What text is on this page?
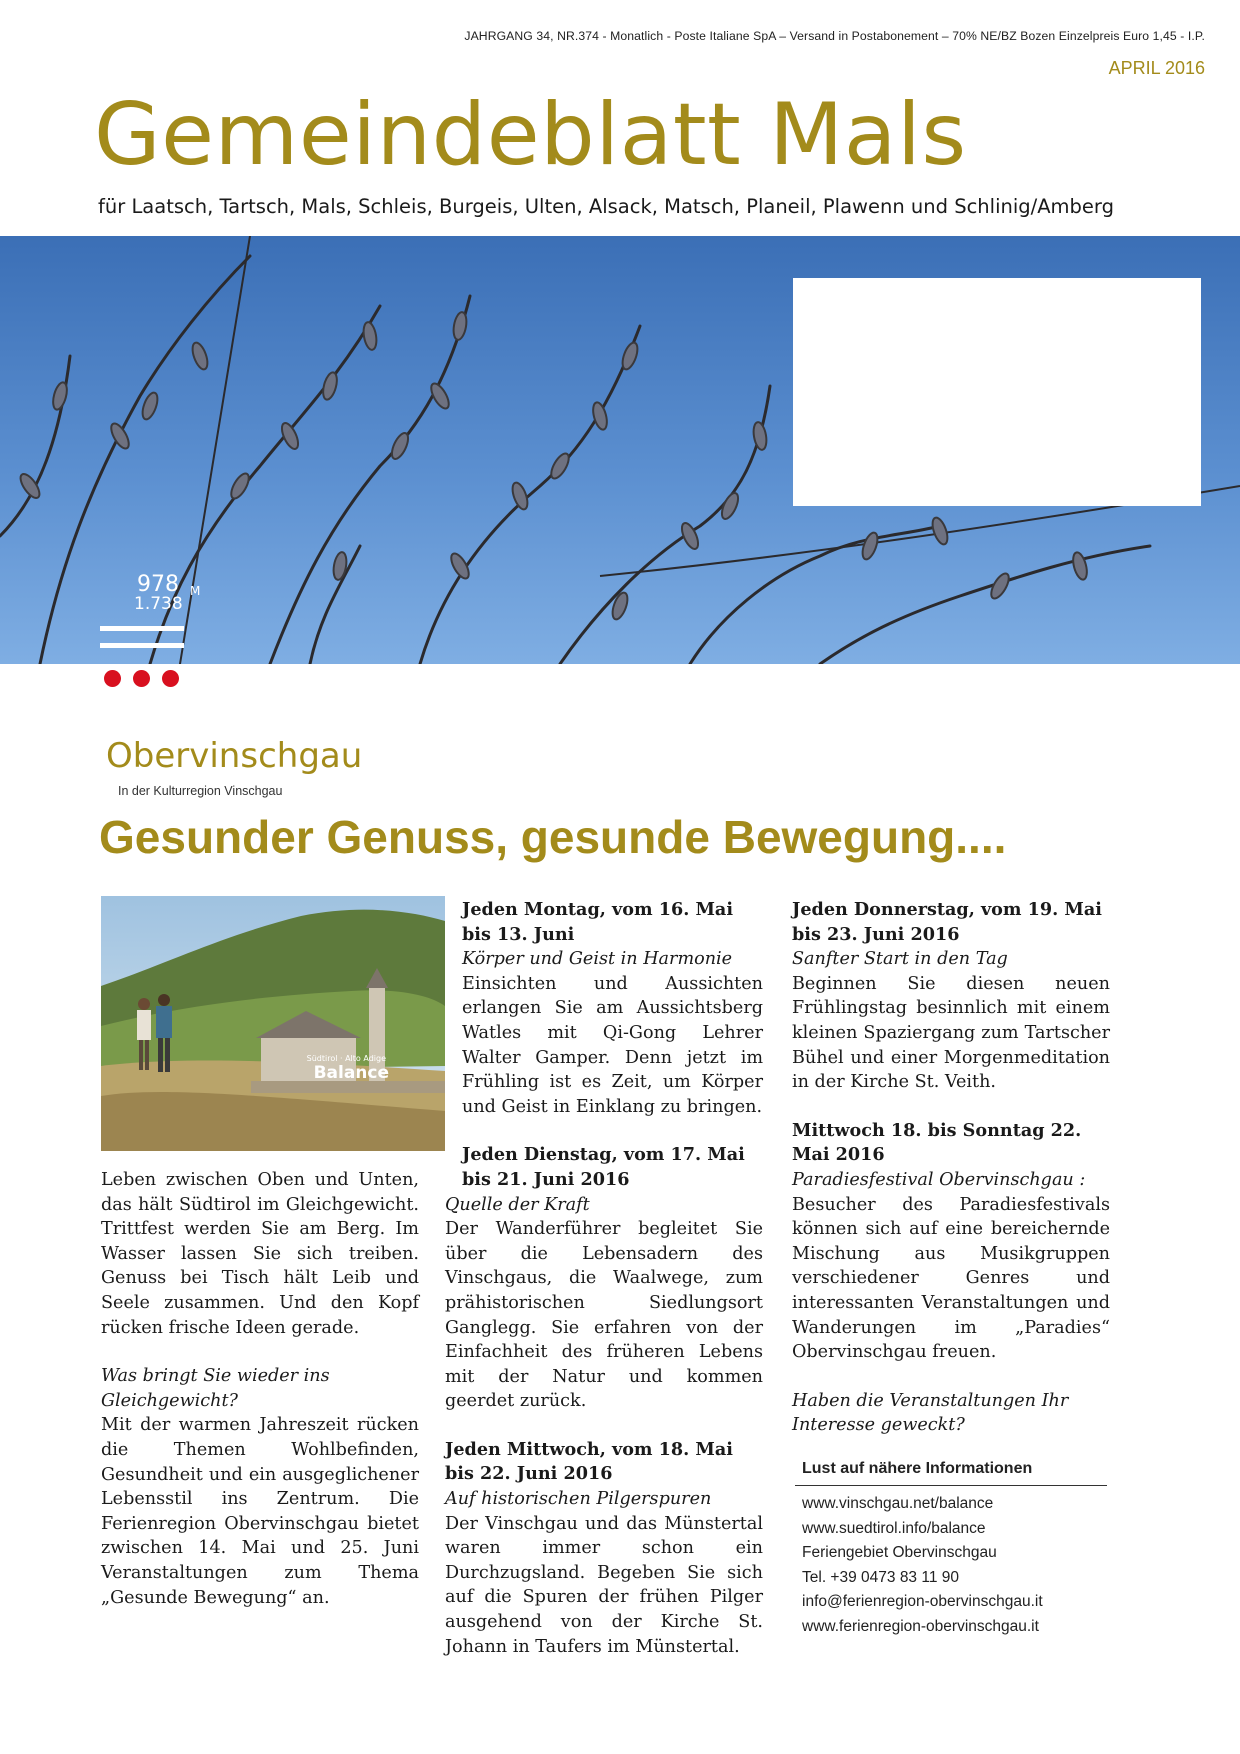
JAHRGANG 34, NR.374 - Monatlich - Poste Italiane SpA – Versand in Postabonement – 70% NE/BZ Bozen Einzelpreis Euro 1,45 - I.P.
APRIL 2016
Gemeindeblatt Mals
für Laatsch, Tartsch, Mals, Schleis, Burgeis, Ulten, Alsack, Matsch, Planeil, Plawenn und Schlinig/Amberg
978
1.738
M
Obervinschgau
In der Kulturregion Vinschgau
Gesunder Genuss, gesunde Bewegung....
Südtirol · Alto Adige
Balance

Leben zwischen Oben und Unten, das hält Südtirol im Gleichgewicht. Trittfest werden Sie am Berg. Im Wasser lassen Sie sich treiben. Genuss bei Tisch hält Leib und Seele zusammen. Und den Kopf rücken frische Ideen gerade.

Was bringt Sie wieder ins Gleichgewicht?

Mit der warmen Jahreszeit rücken die Themen Wohlbefinden, Gesundheit und ein ausgeglichener Lebensstil ins Zentrum. Die Ferienregion Obervinschgau bietet zwischen 14. Mai und 25. Juni Veranstaltungen zum Thema „Gesunde Bewegung“ an.

Jeden Montag, vom 16. Mai bis 13. Juni

Körper und Geist in Harmonie

Einsichten und Aussichten erlangen Sie am Aussichtsberg Watles mit Qi-Gong Lehrer Walter Gamper. Denn jetzt im Frühling ist es Zeit, um Körper und Geist in Einklang zu bringen.

Jeden Dienstag, vom 17. Mai bis 21. Juni 2016

Quelle der Kraft

Der Wanderführer begleitet Sie über die Lebensadern des Vinschgaus, die Waalwege, zum prähistorischen Siedlungsort Ganglegg. Sie erfahren von der Einfachheit des früheren Lebens mit der Natur und kommen geerdet zurück.

Jeden Mittwoch, vom 18. Mai bis 22. Juni 2016

Auf historischen Pilgerspuren

Der Vinschgau und das Münstertal waren immer schon ein Durchzugsland. Begeben Sie sich auf die Spuren der frühen Pilger ausgehend von der Kirche St. Johann in Taufers im Münstertal.

Jeden Donnerstag, vom 19. Mai bis 23. Juni 2016

Sanfter Start in den Tag

Beginnen Sie diesen neuen Frühlingstag besinnlich mit einem kleinen Spaziergang zum Tartscher Bühel und einer Morgenmeditation in der Kirche St. Veith.

Mittwoch 18. bis Sonntag 22. Mai 2016

Paradiesfestival Obervinschgau :

Besucher des Paradiesfestivals können sich auf eine bereichernde Mischung aus Musikgruppen verschiedener Genres und interessanten Veranstaltungen und Wanderungen im „Paradies“ Obervinschgau freuen.

Haben die Veranstaltungen Ihr Interesse geweckt?

Lust auf nähere Informationen
www.vinschgau.net/balance
www.suedtirol.info/balance
Feriengebiet Obervinschgau
Tel. +39 0473 83 11 90
info@ferienregion-obervinschgau.it
www.ferienregion-obervinschgau.it
